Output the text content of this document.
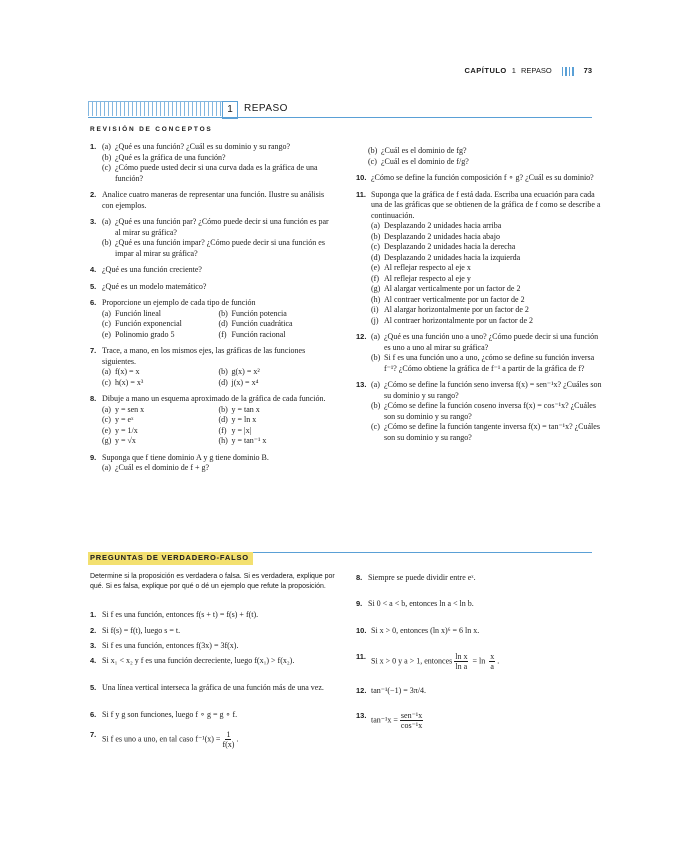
CAPÍTULO 1 REPASO	73
1	REPASO
REVISIÓN DE CONCEPTOS
1. (a) ¿Qué es una función? ¿Cuál es su dominio y su rango?
(b) ¿Qué es la gráfica de una función?
(c) ¿Cómo puede usted decir si una curva dada es la gráfica de una función?
2. Analice cuatro maneras de representar una función. Ilustre su análisis con ejemplos.
3. (a) ¿Qué es una función par? ¿Cómo puede decir si una función es par al mirar su gráfica?
(b) ¿Qué es una función impar? ¿Cómo puede decir si una función es impar al mirar su gráfica?
4. ¿Qué es una función creciente?
5. ¿Qué es un modelo matemático?
6. Proporcione un ejemplo de cada tipo de función
(a) Función lineal	(b) Función potencia
(c) Función exponencial	(d) Función cuadrática
(e) Polinomio grado 5	(f) Función racional
7. Trace, a mano, en los mismos ejes, las gráficas de las funciones siguientes.
(a) f(x) = x	(b) g(x) = x²
(c) h(x) = x³	(d) j(x) = x⁴
8. Dibuje a mano un esquema aproximado de la gráfica de cada función.
(a) y = sen x	(b) y = tan x
(c) y = eˣ	(d) y = ln x
(e) y = 1/x	(f) y = |x|
(g) y = √x	(h) y = tan⁻¹ x
9. Suponga que f tiene dominio A y g tiene dominio B.
(a) ¿Cuál es el dominio de f + g?
(b) ¿Cuál es el dominio de fg?
(c) ¿Cuál es el dominio de f/g?
10. ¿Cómo se define la función composición f ∘ g? ¿Cuál es su dominio?
11. Suponga que la gráfica de f está dada. Escriba una ecuación para cada una de las gráficas que se obtienen de la gráfica de f como se describe a continuación.
(a) Desplazando 2 unidades hacia arriba
(b) Desplazando 2 unidades hacia abajo
(c) Desplazando 2 unidades hacia la derecha
(d) Desplazando 2 unidades hacia la izquierda
(e) Al reflejar respecto al eje x
(f) Al reflejar respecto al eje y
(g) Al alargar verticalmente por un factor de 2
(h) Al contraer verticalmente por un factor de 2
(i) Al alargar horizontalmente por un factor de 2
(j) Al contraer horizontalmente por un factor de 2
12. (a) ¿Qué es una función uno a uno? ¿Cómo puede decir si una función es uno a uno al mirar su gráfica?
(b) Si f es una función uno a uno, ¿cómo se define su función inversa f⁻¹? ¿Cómo obtiene la gráfica de f⁻¹ a partir de la gráfica de f?
13. (a) ¿Cómo se define la función seno inversa f(x) = sen⁻¹x? ¿Cuáles son su dominio y su rango?
(b) ¿Cómo se define la función coseno inversa f(x) = cos⁻¹x? ¿Cuáles son su dominio y su rango?
(c) ¿Cómo se define la función tangente inversa f(x) = tan⁻¹x? ¿Cuáles son su dominio y su rango?
PREGUNTAS DE VERDADERO-FALSO
Determine si la proposición es verdadera o falsa. Si es verdadera, explique por qué. Si es falsa, explique por qué o dé un ejemplo que refute la proposición.
1. Si f es una función, entonces f(s + t) = f(s) + f(t).
2. Si f(s) = f(t), luego s = t.
3. Si f es una función, entonces f(3x) = 3f(x).
4. Si x₁ < x₂ y f es una función decreciente, luego f(x₁) > f(x₂).
5. Una línea vertical interseca la gráfica de una función más de una vez.
6. Si f y g son funciones, luego f ∘ g = g ∘ f.
7. Si f es uno a uno, en tal caso $f^{-1}(x) = \frac{1}{f(x)}$ .
8. Siempre se puede dividir entre eˣ.
9. Si 0 < a < b, entonces ln a < ln b.
10. Si x > 0, entonces (ln x)⁶ = 6 ln x.
11. Si x > 0 y a > 1, entonces $\frac{\text{ln x}}{\text{ln a}} = \ln \frac{x}{a}$ .
12. tan⁻¹(−1) = 3π/4.
13. tan⁻¹x = sen⁻¹x
cos⁻¹x
